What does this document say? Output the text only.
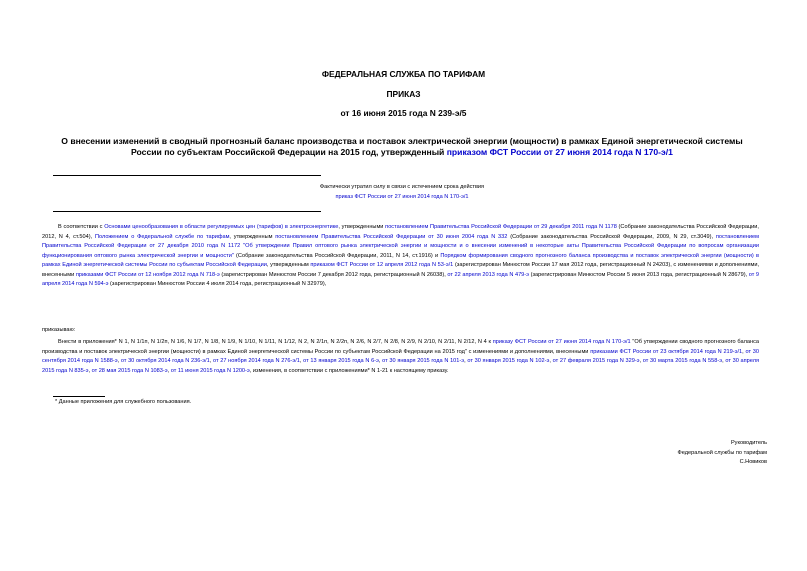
ФЕДЕРАЛЬНАЯ СЛУЖБА ПО ТАРИФАМ
ПРИКАЗ
от 16 июня 2015 года N 239-э/5
О внесении изменений в сводный прогнозный баланс производства и поставок электрической энергии (мощности) в рамках Единой энергетической системы России по субъектам Российской Федерации на 2015 год, утвержденный приказом ФСТ России от 27 июня 2014 года N 170-э/1
Фактически утратил силу в связи с истечением срока действия
приказ ФСТ России от 27 июня 2014 года N 170-э/1
В соответствии с Основами ценообразования в области регулируемых цен (тарифов) в электроэнергетике, утвержденными постановлением Правительства Российской Федерации от 29 декабря 2011 года N 1178 (Собрание законодательства Российской Федерации, 2012, N 4, ст.504), Положением о Федеральной службе по тарифам, утвержденным постановлением Правительства Российской Федерации от 30 июня 2004 года N 332 (Собрание законодательства Российской Федерации, 2009, N 29, ст.3049), постановлением Правительства Российской Федерации от 27 декабря 2010 года N 1172 "Об утверждении Правил оптового рынка электрической энергии и мощности и о внесении изменений в некоторые акты Правительства Российской Федерации по вопросам организации функционирования оптового рынка электрической энергии и мощности" (Собрание законодательства Российской Федерации, 2011, N 14, ст.1916) и Порядком формирования сводного прогнозного баланса производства и поставок электрической энергии (мощности) в рамках Единой энергетической системы России по субъектам Российской Федерации, утвержденным приказом ФСТ России от 12 апреля 2012 года N 53-э/1 (зарегистрирован Минюстом России 17 мая 2012 года, регистрационный N 24203), с изменениями и дополнениями, внесенными приказами ФСТ России от 12 ноября 2012 года N 718-э (зарегистрирован Минюстом России 7 декабря 2012 года, регистрационный N 26038), от 22 апреля 2013 года N 479-э (зарегистрирован Минюстом России 5 июня 2013 года, регистрационный N 28679), от 9 апреля 2014 года N 594-э (зарегистрирован Минюстом России 4 июля 2014 года, регистрационный N 32979),
приказываю:
Внести в приложения* N 1, N 1/1п, N 1/2п, N 1/6, N 1/7, N 1/8, N 1/9, N 1/10, N 1/11, N 1/12, N 2, N 2/1п, N 2/2п, N 2/6, N 2/7, N 2/8, N 2/9, N 2/10, N 2/11, N 2/12, N 4 к приказу ФСТ России от 27 июня 2014 года N 170-э/1 "Об утверждении сводного прогнозного баланса производства и поставок электрической энергии (мощности) в рамках Единой энергетической системы России по субъектам Российской Федерации на 2015 год" с изменениями и дополнениями, внесенными приказами ФСТ России от 23 октября 2014 года N 219-э/1, от 30 сентября 2014 года N 1588-э, от 30 октября 2014 года N 236-э/1, от 27 ноября 2014 года N 276-э/1, от 13 января 2015 года N 6-э, от 30 января 2015 года N 101-э, от 30 января 2015 года N 102-э, от 27 февраля 2015 года N 329-э, от 30 марта 2015 года N 558-э, от 30 апреля 2015 года N 835-э, от 28 мая 2015 года N 1083-э, от 11 июня 2015 года N 1200-э, изменения, в соответствии с приложениями* N 1-21 к настоящему приказу.
* Данные приложения для служебного пользования.
Руководитель
Федеральной службы по тарифам
С.Новиков
